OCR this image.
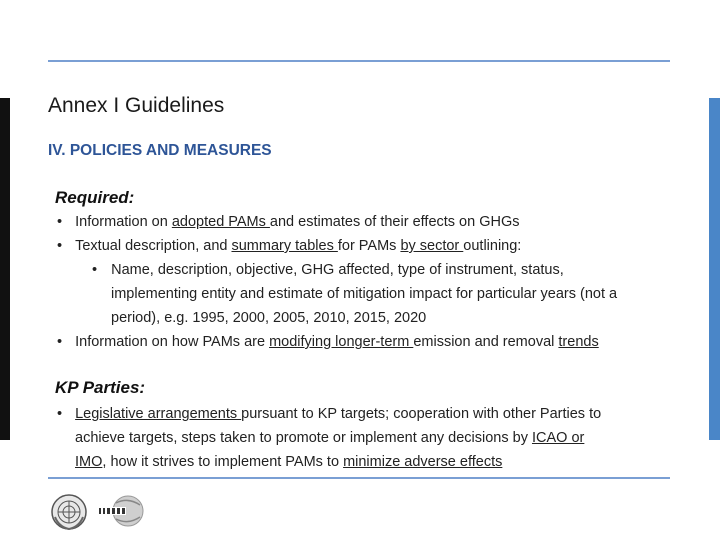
Annex I Guidelines
IV. POLICIES AND MEASURES
Required:
• Information on adopted PAMs and estimates of their effects on GHGs
• Textual description, and summary tables for PAMs by sector outlining:
• Name, description, objective, GHG affected, type of instrument, status,
implementing entity and estimate of mitigation impact for particular years (not a
period), e.g. 1995, 2000, 2005, 2010, 2015, 2020
• Information on how PAMs are modifying longer-term emission and removal trends
KP Parties:
• Legislative arrangements pursuant to KP targets; cooperation with other Parties to
achieve targets, steps taken to promote or implement any decisions by ICAO or
IMO, how it strives to implement PAMs to minimize adverse effects
